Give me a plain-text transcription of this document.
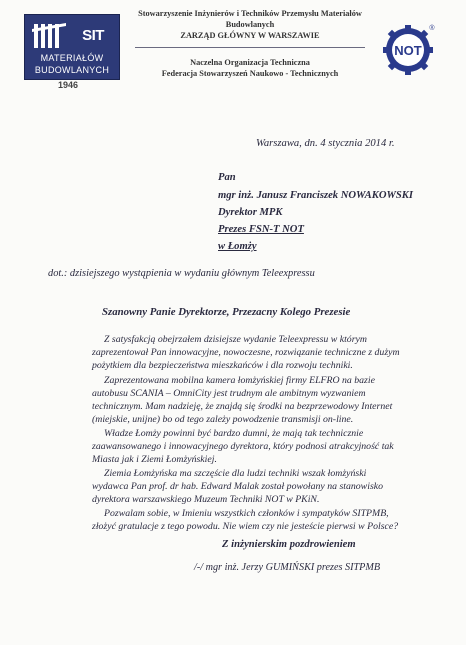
SIT
MATERIAŁÓW
BUDOWLANYCH
1946
Stowarzyszenie Inżynierów i Techników Przemysłu Materiałów
Budowlanych
ZARZĄD GŁÓWNY W WARSZAWIE
Naczelna Organizacja Techniczna
Federacja Stowarzyszeń Naukowo - Technicznych
NOT
®
Warszawa, dn. 4 stycznia 2014 r.
Pan
mgr inż. Janusz Franciszek NOWAKOWSKI
Dyrektor MPK
Prezes FSN-T NOT
w Łomży
dot.: dzisiejszego wystąpienia w wydaniu głównym Teleexpressu
Szanowny Panie Dyrektorze, Przezacny Kolego Prezesie
Z satysfakcją obejrzałem dzisiejsze wydanie Teleexpressu w którym
zaprezentował Pan innowacyjne, nowoczesne, rozwiązanie techniczne z dużym
pożytkiem dla bezpieczeństwa mieszkańców i dla rozwoju techniki.
Zaprezentowana mobilna kamera łomżyńskiej firmy ELFRO na bazie
autobusu SCANIA – OmniCity jest trudnym ale ambitnym wyzwaniem
technicznym. Mam nadzieję, że znajdą się środki na bezprzewodowy Internet
(miejskie, unijne) bo od tego zależy powodzenie transmisji on-line.
Władze Łomży powinni być bardzo dumni, że mają tak technicznie
zaawansowanego i innowacyjnego dyrektora, który podnosi atrakcyjność tak
Miasta jak i Ziemi Łomżyńskiej.
Ziemia Łomżyńska ma szczęście dla ludzi techniki wszak łomżyński
wydawca Pan prof. dr hab. Edward Malak został powołany na stanowisko
dyrektora warszawskiego Muzeum Techniki NOT w PKiN.
Pozwalam sobie, w Imieniu wszystkich członków i sympatyków SITPMB,
złożyć gratulacje z tego powodu. Nie wiem czy nie jesteście pierwsi w Polsce?
Z inżynierskim pozdrowieniem
/-/ mgr inż. Jerzy GUMIŃSKI prezes SITPMB
